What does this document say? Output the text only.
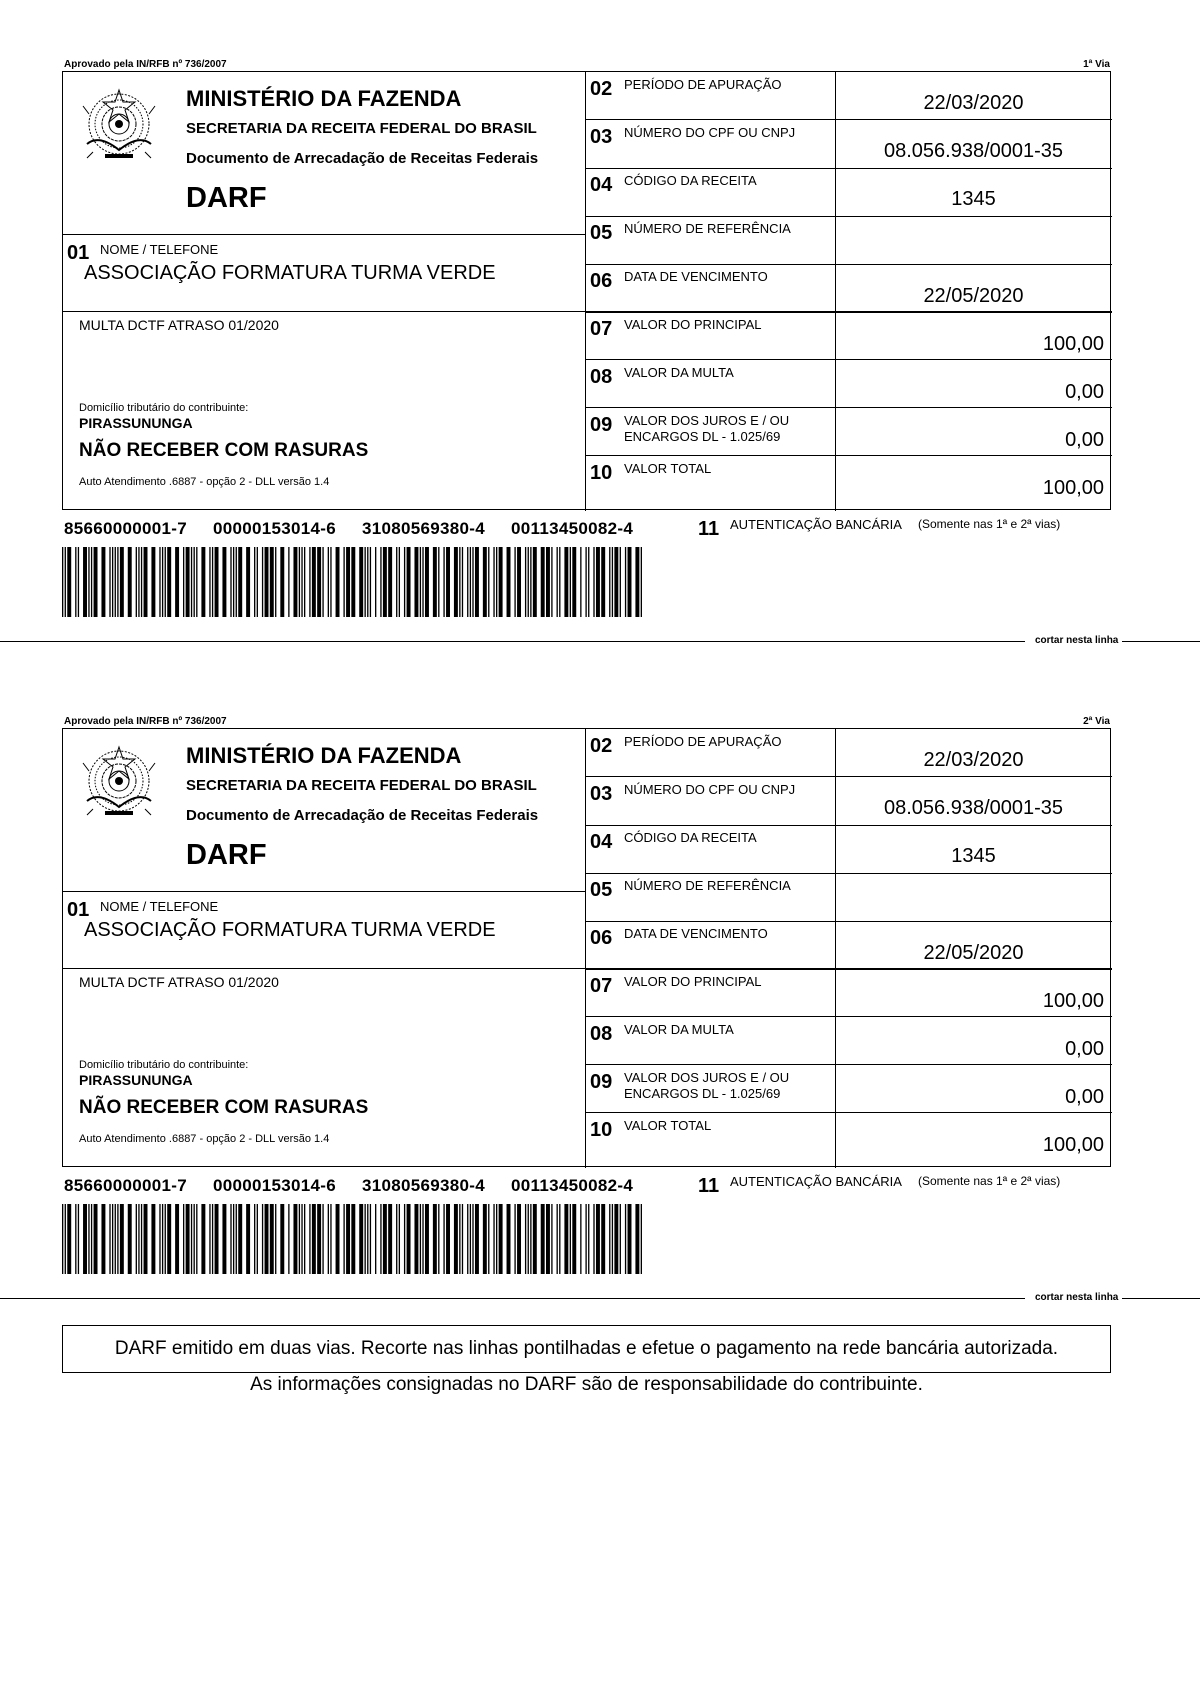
Aprovado pela IN/RFB nº 736/2007	1ª Via
MINISTÉRIO DA FAZENDA
SECRETARIA DA RECEITA FEDERAL DO BRASIL
Documento de Arrecadação de Receitas Federais
DARF
01 NOME / TELEFONE
ASSOCIAÇÃO FORMATURA TURMA VERDE
MULTA DCTF ATRASO 01/2020
Domicílio tributário do contribuinte:
PIRASSUNUNGA
NÃO RECEBER COM RASURAS
Auto Atendimento .6887 - opção 2 - DLL versão 1.4
02 PERÍODO DE APURAÇÃO
22/03/2020
03 NÚMERO DO CPF OU CNPJ
08.056.938/0001-35
04 CÓDIGO DA RECEITA
1345
05 NÚMERO DE REFERÊNCIA
06 DATA DE VENCIMENTO
22/05/2020
07 VALOR DO PRINCIPAL
100,00
08 VALOR DA MULTA
0,00
09 VALOR DOS JUROS E / OU
ENCARGOS DL - 1.025/69	0,00
10 VALOR TOTAL
100,00
85660000001-7 00000153014-6 31080569380-4 00113450082-4	11 AUTENTICAÇÃO BANCÁRIA (Somente nas 1ª e 2ª vias)
cortar nesta linha
Aprovado pela IN/RFB nº 736/2007	2ª Via
MINISTÉRIO DA FAZENDA
SECRETARIA DA RECEITA FEDERAL DO BRASIL
Documento de Arrecadação de Receitas Federais
DARF
01 NOME / TELEFONE
ASSOCIAÇÃO FORMATURA TURMA VERDE
MULTA DCTF ATRASO 01/2020
Domicílio tributário do contribuinte:
PIRASSUNUNGA
NÃO RECEBER COM RASURAS
Auto Atendimento .6887 - opção 2 - DLL versão 1.4
02 PERÍODO DE APURAÇÃO
22/03/2020
03 NÚMERO DO CPF OU CNPJ
08.056.938/0001-35
04 CÓDIGO DA RECEITA
1345
05 NÚMERO DE REFERÊNCIA
06 DATA DE VENCIMENTO
22/05/2020
07 VALOR DO PRINCIPAL
100,00
08 VALOR DA MULTA
0,00
09 VALOR DOS JUROS E / OU
ENCARGOS DL - 1.025/69	0,00
10 VALOR TOTAL
100,00
85660000001-7 00000153014-6 31080569380-4 00113450082-4	11 AUTENTICAÇÃO BANCÁRIA (Somente nas 1ª e 2ª vias)
cortar nesta linha
DARF emitido em duas vias. Recorte nas linhas pontilhadas e efetue o pagamento na rede bancária autorizada.
As informações consignadas no DARF são de responsabilidade do contribuinte.
